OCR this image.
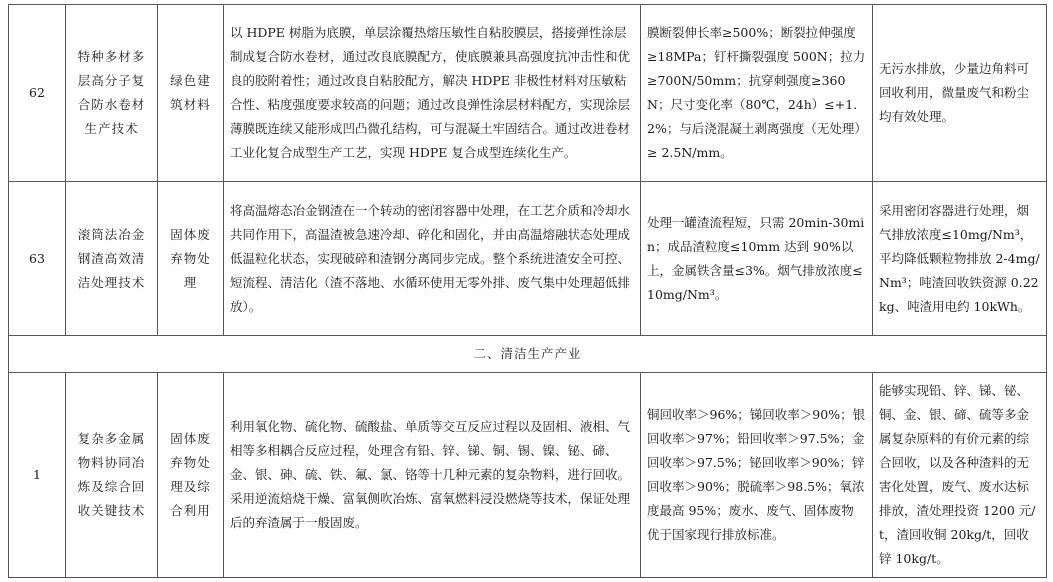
62	特种多材多层高分子复合防水卷材生产技术	绿色建筑材料	以 HDPE 树脂为底膜，单层涂覆热熔压敏性自粘胶膜层，搭接弹性涂层制成复合防水卷材，通过改良底膜配方，使底膜兼具高强度抗冲击性和优良的胶附着性；通过改良自粘胶配方，解决 HDPE 非极性材料对压敏粘合性、粘度强度要求较高的问题；通过改良弹性涂层材料配方，实现涂层薄膜既连续又能形成凹凸微孔结构，可与混凝土牢固结合。通过改进卷材工业化复合成型生产工艺，实现 HDPE 复合成型连续化生产。	膜断裂伸长率≥500%；断裂拉伸强度≥18MPa；钉杆撕裂强度 500N；拉力≥700N/50mm；抗穿刺强度≥360N；尺寸变化率（80℃，24h）≤+1.2%；与后浇混凝土剥离强度（无处理）≥ 2.5N/mm。	无污水排放，少量边角料可回收利用，微量废气和粉尘均有效处理。
63	滚筒法冶金钢渣高效清洁处理技术	固体废弃物处理	将高温熔态冶金钢渣在一个转动的密闭容器中处理，在工艺介质和冷却水共同作用下，高温渣被急速冷却、碎化和固化，并由高温熔融状态处理成低温粒化状态，实现破碎和渣钢分离同步完成。整个系统进渣安全可控、短流程、清洁化（渣不落地、水循环使用无零外排、废气集中处理超低排放）。	处理一罐渣流程短，只需 20min-30min；成品渣粒度≤10mm 达到 90%以上，金属铁含量≤3%。烟气排放浓度≤10mg/Nm³。	采用密闭容器进行处理，烟气排放浓度≤10mg/Nm³，平均降低颗粒物排放 2-4mg/Nm³；吨渣回收铁资源 0.22kg、吨渣用电约 10kWh。
二、清洁生产产业					
1	复杂多金属物料协同冶炼及综合回收关键技术	固体废弃物处理及综合利用	利用氧化物、硫化物、硫酸盐、单质等交互反应过程以及固相、液相、气相等多相耦合反应过程，处理含有铅、锌、锑、铜、锡、镍、铋、碲、金、银、砷、硫、铁、氟、氯、铬等十几种元素的复杂物料，进行回收。采用逆流焙烧干燥、富氧侧吹冶炼、富氧燃料浸没燃烧等技术，保证处理后的弃渣属于一般固废。	铜回收率＞96%；锑回收率＞90%；银回收率＞97%；铅回收率＞97.5%；金回收率＞97.5%；铋回收率＞90%；锌回收率＞90%；脱硫率＞98.5%；氧浓度最高 95%；废水、废气、固体废物优于国家现行排放标准。	能够实现铅、锌、锑、铋、铜、金、银、碲、硫等多金属复杂原料的有价元素的综合回收，以及各种渣料的无害化处置，废气、废水达标排放，渣处理投资 1200 元/t，渣回收铜 20kg/t，回收锌 10kg/t。
